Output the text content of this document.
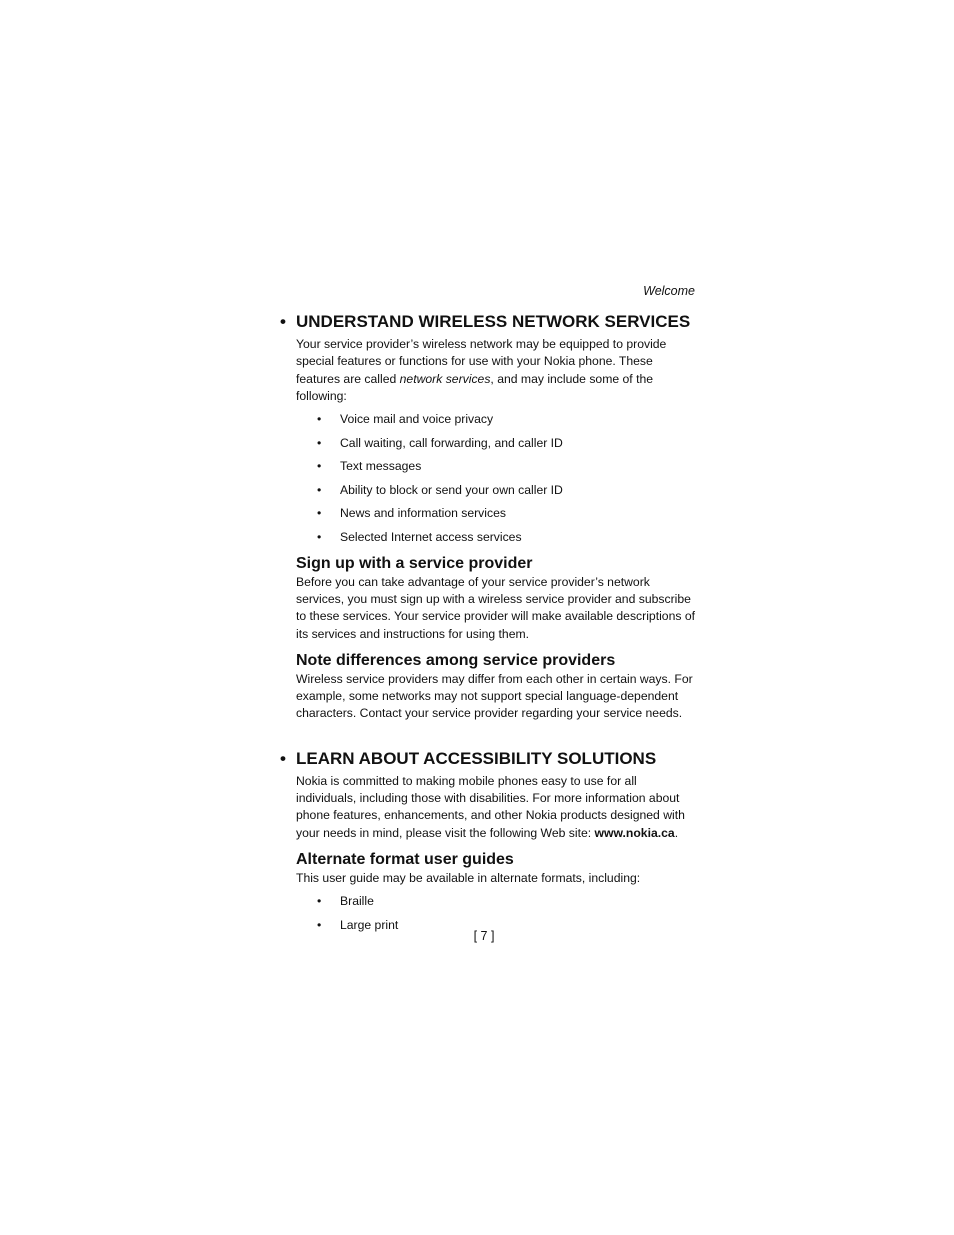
Welcome
• UNDERSTAND WIRELESS NETWORK SERVICES

Your service provider’s wireless network may be equipped to provide special features or functions for use with your Nokia phone. These features are called network services, and may include some of the following:

•	Voice mail and voice privacy
•	Call waiting, call forwarding, and caller ID
•	Text messages
•	Ability to block or send your own caller ID
•	News and information services
•	Selected Internet access services
Sign up with a service provider

Before you can take advantage of your service provider’s network services, you must sign up with a wireless service provider and subscribe to these services. Your service provider will make available descriptions of its services and instructions for using them.

Note differences among service providers

Wireless service providers may differ from each other in certain ways. For example, some networks may not support special language-dependent characters. Contact your service provider regarding your service needs.

• LEARN ABOUT ACCESSIBILITY SOLUTIONS

Nokia is committed to making mobile phones easy to use for all individuals, including those with disabilities. For more information about phone features, enhancements, and other Nokia products designed with your needs in mind, please visit the following Web site: www.nokia.ca.

Alternate format user guides

This user guide may be available in alternate formats, including:

•	Braille
•	Large print
[ 7 ]
